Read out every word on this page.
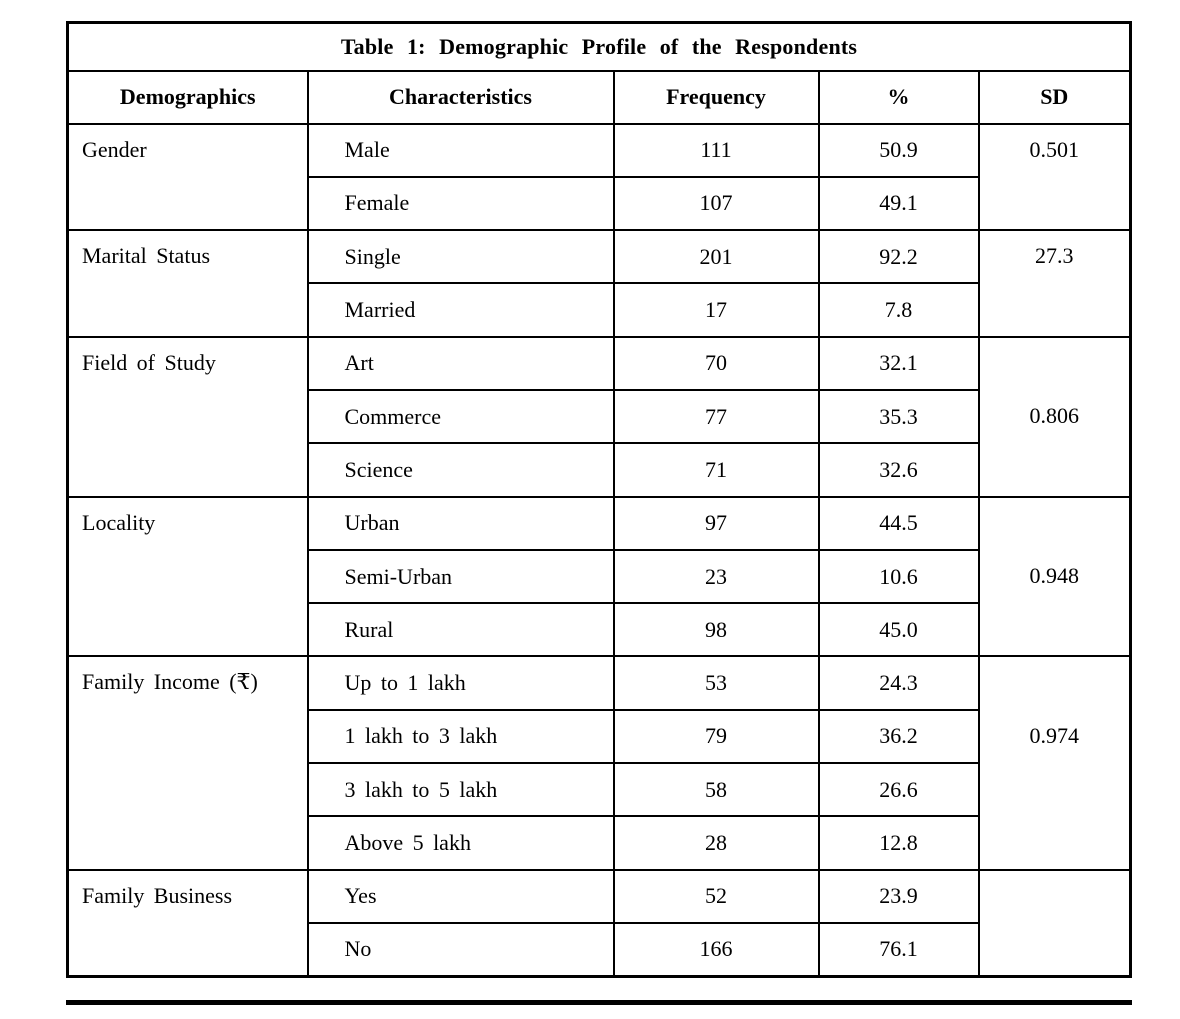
Table 1: Demographic Profile of the Respondents				
Demographics	Characteristics	Frequency	%	SD
Gender	Male	111	50.9	0.501
	Female	107	49.1	
Marital Status	Single	201	92.2	27.3
	Married	17	7.8	
Field of Study	Art	70	32.1	0.806
	Commerce	77	35.3	
	Science	71	32.6	
Locality	Urban	97	44.5	0.948
	Semi-Urban	23	10.6	
	Rural	98	45.0	
Family Income (₹)	Up to 1 lakh	53	24.3	0.974
	1 lakh to 3 lakh	79	36.2	
	3 lakh to 5 lakh	58	26.6	
	Above 5 lakh	28	12.8	
Family Business	Yes	52	23.9	
	No	166	76.1	
